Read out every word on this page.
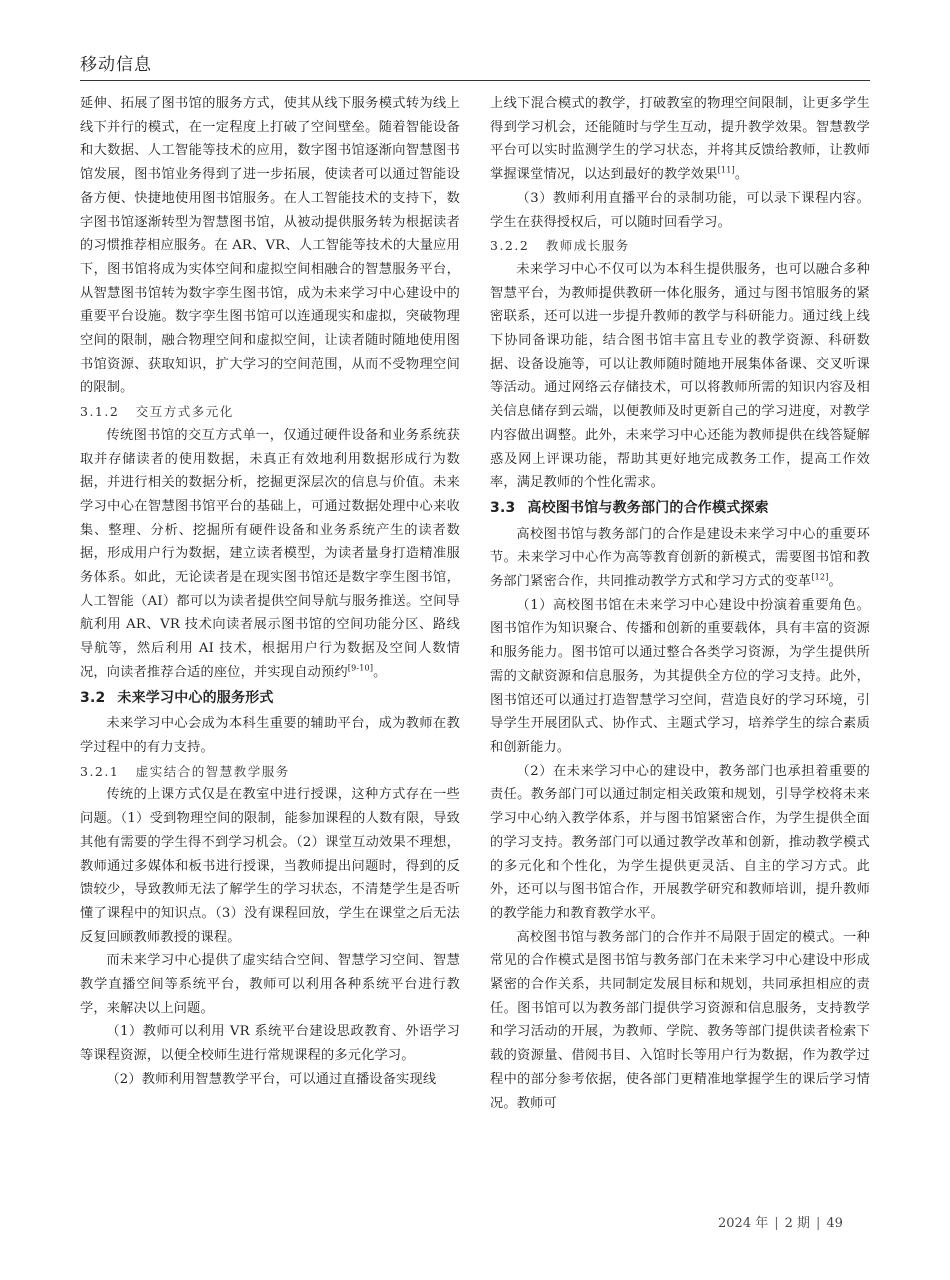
移动信息

延伸、拓展了图书馆的服务方式，使其从线下服务模式转为线上线下并行的模式，在一定程度上打破了空间壁垒。随着智能设备和大数据、人工智能等技术的应用，数字图书馆逐渐向智慧图书馆发展，图书馆业务得到了进一步拓展，使读者可以通过智能设备方便、快捷地使用图书馆服务。在人工智能技术的支持下，数字图书馆逐渐转型为智慧图书馆，从被动提供服务转为根据读者的习惯推荐相应服务。在 AR、VR、人工智能等技术的大量应用下，图书馆将成为实体空间和虚拟空间相融合的智慧服务平台，从智慧图书馆转为数字孪生图书馆，成为未来学习中心建设中的重要平台设施。数字孪生图书馆可以连通现实和虚拟，突破物理空间的限制，融合物理空间和虚拟空间，让读者随时随地使用图书馆资源、获取知识，扩大学习的空间范围，从而不受物理空间的限制。

3.1.2 交互方式多元化

传统图书馆的交互方式单一，仅通过硬件设备和业务系统获取并存储读者的使用数据，未真正有效地利用数据形成行为数据，并进行相关的数据分析，挖掘更深层次的信息与价值。未来学习中心在智慧图书馆平台的基础上，可通过数据处理中心来收集、整理、分析、挖掘所有硬件设备和业务系统产生的读者数据，形成用户行为数据，建立读者模型，为读者量身打造精准服务体系。如此，无论读者是在现实图书馆还是数字孪生图书馆，人工智能（AI）都可以为读者提供空间导航与服务推送。空间导航利用 AR、VR 技术向读者展示图书馆的空间功能分区、路线导航等，然后利用 AI 技术，根据用户行为数据及空间人数情况，向读者推荐合适的座位，并实现自动预约[9-10]。

3.2 未来学习中心的服务形式

未来学习中心会成为本科生重要的辅助平台，成为教师在教学过程中的有力支持。

3.2.1 虚实结合的智慧教学服务

传统的上课方式仅是在教室中进行授课，这种方式存在一些问题。（1）受到物理空间的限制，能参加课程的人数有限，导致其他有需要的学生得不到学习机会。（2）课堂互动效果不理想，教师通过多媒体和板书进行授课，当教师提出问题时，得到的反馈较少，导致教师无法了解学生的学习状态，不清楚学生是否听懂了课程中的知识点。（3）没有课程回放，学生在课堂之后无法反复回顾教师教授的课程。

而未来学习中心提供了虚实结合空间、智慧学习空间、智慧教学直播空间等系统平台，教师可以利用各种系统平台进行教学，来解决以上问题。

（1）教师可以利用 VR 系统平台建设思政教育、外语学习等课程资源，以便全校师生进行常规课程的多元化学习。

（2）教师利用智慧教学平台，可以通过直播设备实现线

上线下混合模式的教学，打破教室的物理空间限制，让更多学生得到学习机会，还能随时与学生互动，提升教学效果。智慧教学平台可以实时监测学生的学习状态，并将其反馈给教师，让教师掌握课堂情况，以达到最好的教学效果[11]。

（3）教师利用直播平台的录制功能，可以录下课程内容。学生在获得授权后，可以随时回看学习。

3.2.2 教师成长服务

未来学习中心不仅可以为本科生提供服务，也可以融合多种智慧平台，为教师提供教研一体化服务，通过与图书馆服务的紧密联系，还可以进一步提升教师的教学与科研能力。通过线上线下协同备课功能，结合图书馆丰富且专业的教学资源、科研数据、设备设施等，可以让教师随时随地开展集体备课、交叉听课等活动。通过网络云存储技术，可以将教师所需的知识内容及相关信息储存到云端，以便教师及时更新自己的学习进度，对教学内容做出调整。此外，未来学习中心还能为教师提供在线答疑解惑及网上评课功能，帮助其更好地完成教务工作，提高工作效率，满足教师的个性化需求。

3.3 高校图书馆与教务部门的合作模式探索

高校图书馆与教务部门的合作是建设未来学习中心的重要环节。未来学习中心作为高等教育创新的新模式，需要图书馆和教务部门紧密合作，共同推动教学方式和学习方式的变革[12]。

（1）高校图书馆在未来学习中心建设中扮演着重要角色。图书馆作为知识聚合、传播和创新的重要载体，具有丰富的资源和服务能力。图书馆可以通过整合各类学习资源，为学生提供所需的文献资源和信息服务，为其提供全方位的学习支持。此外，图书馆还可以通过打造智慧学习空间，营造良好的学习环境，引导学生开展团队式、协作式、主题式学习，培养学生的综合素质和创新能力。

（2）在未来学习中心的建设中，教务部门也承担着重要的责任。教务部门可以通过制定相关政策和规划，引导学校将未来学习中心纳入教学体系，并与图书馆紧密合作，为学生提供全面的学习支持。教务部门可以通过教学改革和创新，推动教学模式的多元化和个性化，为学生提供更灵活、自主的学习方式。此外，还可以与图书馆合作，开展教学研究和教师培训，提升教师的教学能力和教育教学水平。

高校图书馆与教务部门的合作并不局限于固定的模式。一种常见的合作模式是图书馆与教务部门在未来学习中心建设中形成紧密的合作关系，共同制定发展目标和规划，共同承担相应的责任。图书馆可以为教务部门提供学习资源和信息服务，支持教学和学习活动的开展，为教师、学院、教务等部门提供读者检索下载的资源量、借阅书目、入馆时长等用户行为数据，作为教学过程中的部分参考依据，使各部门更精准地掌握学生的课后学习情况。教师可

2024 年 | 2 期 | 49
